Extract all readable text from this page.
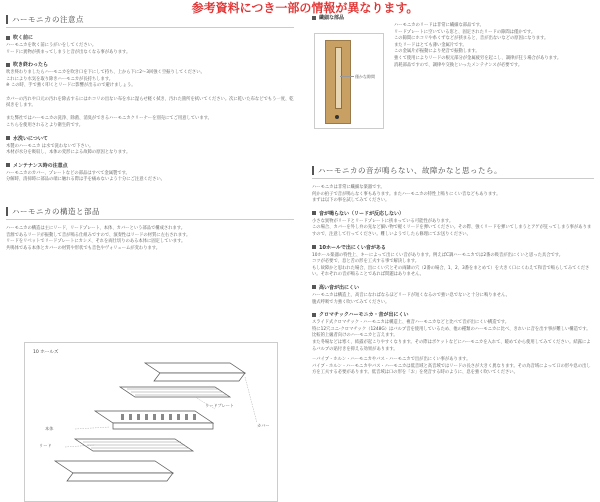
参考資料につき一部の情報が異なります。
ハーモニカの注意点
吹く前に

ハーモニカを吹く前にうがいをしてください。
リードに異物が挟まってしまうと音が出なくなる事があります。

吹き終わったら

吹き終わりましたらハーモニカを吹き口を下にして持ち、上から下に2～3回強く空振りしてください。
これにより水気を取り除きハーモニカが長持ちします。
※ この時、手で強く叩くとリードに影響が出るので避けましょう。

カバーの汚れや口元の汚れを除去するにはホコリの出ない布を水に湿らせ軽く拭き、汚れた箇所を拭いてください。次に乾いた布などでもう一度、乾拭きをします。

また弊社ではハーモニカの洗浄、除菌、消臭ができるハーモニカクリーナーを別売にてご用意しています。
こちらを使用されるとより衛生的です。

水洗いについて

木製のハーモニカ は水で洗わないで下さい。
木材が水分を吸収し、本体の変形による故障の原因となります。

メンテナンス時の注意点

ハーモニカのカバー、プレートなどの部品はすべて金属製です。
分解時、清掃時に部品の端に触れる際は手を痛めないよう十分にご注意ください。

ハーモニカの構造と部品

ハーモニカの構造は主にリード、リードプレート、本体、カバーという部品で構成されます。
音源であるリードが振動して音が鳴る仕組みですので、演奏性はリードの材質に左右されます。
リードをリベットでリードプレートにカシメ、それを両仕切りのある本体に固定しています。
共鳴体である本体とカバーの材質や形状でも音色やヴォリュームが変わります。

10 ホールズ
リードプレート
カバー
本体
リード
繊細な部品
僅かな隙間

ハーモニカのリードは非常に繊細な部品です。
リードプレートに空いている窓と、固定されたリードの隙間は僅かです。
この隙間にホコリや糸くずなどが挟まると、音が出ないなどの原因になります。
またリードはとても薄い金属片です。
この金属片が振動により発音で振動します。
強くて使用によりリードの根元部分が金属疲労を起こし、調律が狂う場合があります。
消耗部品ですので、調律や交換といったメンテナンスが必要です。

ハーモニカの音が鳴らない、故障かなと思ったら。

ハーモニカは非常に繊細な楽器です。
何かの拍子で音が鳴らなく事もあります。またハーモニカの特性上鳴りにくい音などもあります。
まずは以下の事を試してみてください。

音が鳴らない（リードが反応しない）

小さな異物がリードとリードプレートに挟まっている可能性があります。
この場合、カバーを外し弁の先など細い物で軽くリードを弾いてください。その際、強くリードを弾いてしまうとアゲが狂ってしまう事がありますので、注意して行ってください。難しいようでしたら修理にてお送りください。

10ホールで出にくい音がある

10ホール楽器の特性上、キーによって出にくい音があります。例えばC調ハーモニカでは2番の吸音が出にくいと思った具合です。
コツが必要で、息と舌の形を工夫する事で解決します。
もし故障かと思われた場合、出にくい穴とその両隣の穴（2番の場合、1、2、3番をまとめて）を大きく口にくわえて和音で鳴らしてみてください。それぞれの音が鳴ることであれば問題はありません。

高い音が出にくい

ハーモニカは構造上、高音になればなるほどリードが短くなるので強い息でないと十分に鳴りません。
腹式呼吸で力強く吹いてみてください。

クロマチックハーモニカ・音が出にくい

スライド式クロマチック・ハーモニカは構造上、複音ハーモニカなどと比べて音が出にくい構造です。
特に12穴ユニ-クロマチック（1248G）はバルブ音を使用しているため、他の種類のハーモニカに比べ、きれいに音を出す事が難しい構造です。比較的上級者向けのハーモニカと言えます。
また冬場などは寒く、結露が起こりやすくなります。その際はポケットなどにハーモニカを入れて、暖めてから使用してみてください。結露によるバルブの貼付きを抑える効果があります。

－バイブ・ホルン・ハーモニカやバス・ハーモニカで出が出にくい事があります。
バイブ・ホルン・ハーモニカやバス・ハーモニカは低音域と高音域ではリードの長さが大きく異なります。その為音域によって口の形や息の出し方を工夫する必要があります。低音域は口の形を「お」を発音する時のように、息を強く吹いてください。
